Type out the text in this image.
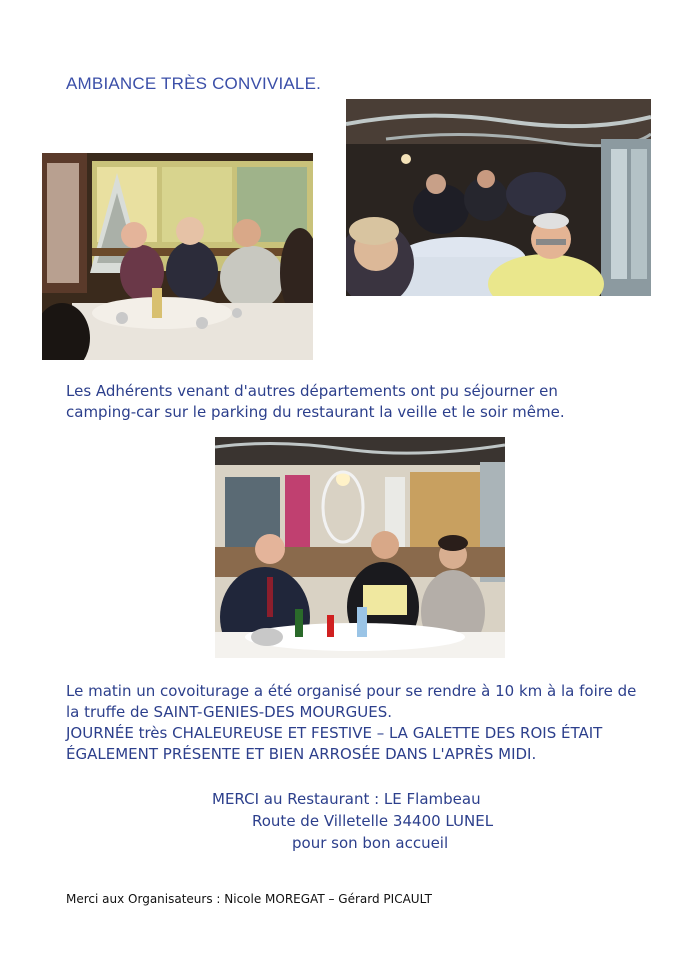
AMBIANCE TRÈS CONVIVIALE.
Les Adhérents venant d'autres départements ont pu séjourner en
camping-car sur le parking du restaurant la veille et le soir même.
Le matin un covoiturage a été organisé pour se rendre à 10 km à la foire de
la truffe de SAINT-GENIES-DES MOURGUES.
JOURNÉE très CHALEUREUSE ET FESTIVE – LA GALETTE DES ROIS ÉTAIT
ÉGALEMENT PRÉSENTE ET BIEN ARROSÉE DANS L'APRÈS MIDI.
MERCI au Restaurant : LE Flambeau
Route de Villetelle 34400 LUNEL
pour son bon accueil
Merci aux Organisateurs : Nicole MOREGAT – Gérard PICAULT
